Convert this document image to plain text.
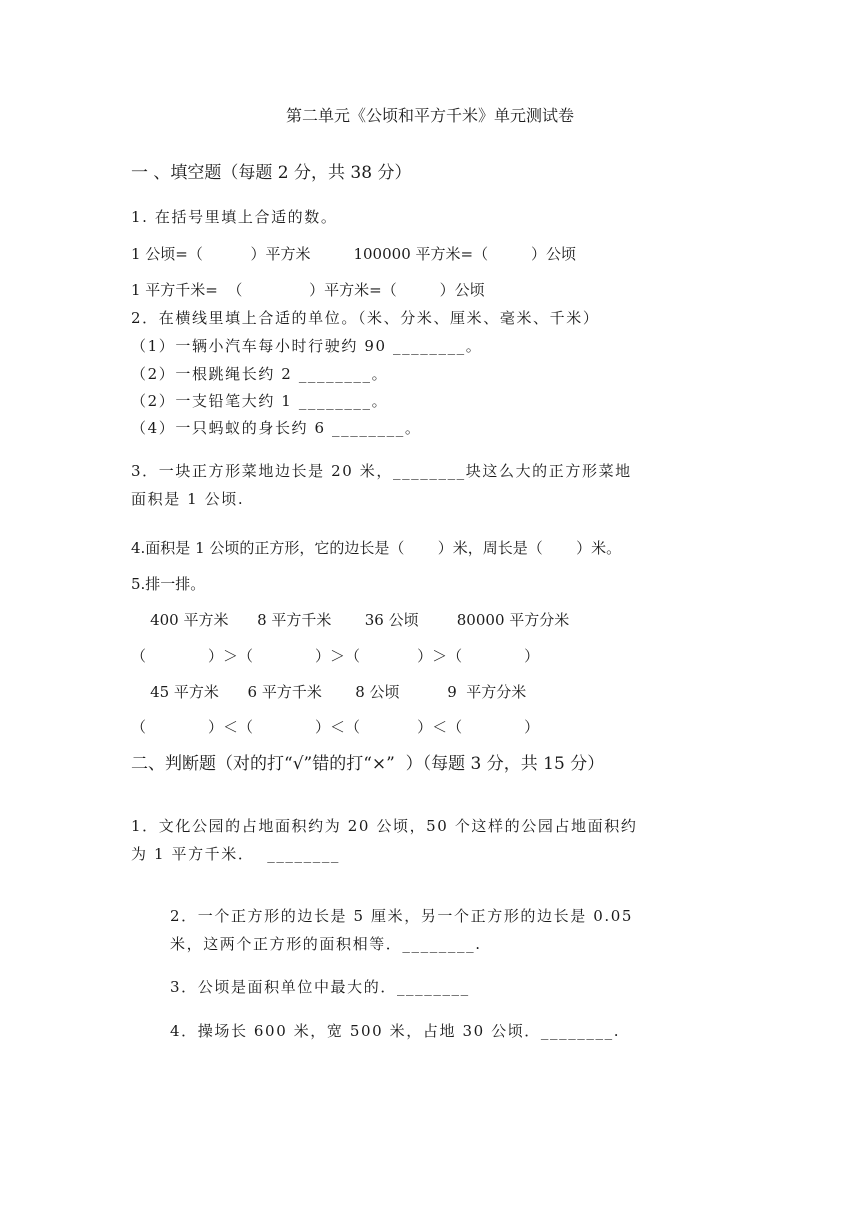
第二单元《公顷和平方千米》单元测试卷
一 、填空题（每题 2 分，共 38 分）
1. 在括号里填上合适的数。
1 公顷=（          ）平方米         100000 平方米=（         ）公顷
1 平方千米=  （              ）平方米=（         ）公顷
2．在横线里填上合适的单位。（米、分米、厘米、毫米、千米）
（1）一辆小汽车每小时行驶约 90 ________。
（2）一根跳绳长约 2 ________。
（2）一支铅笔大约 1 ________。
（4）一只蚂蚁的身长约 6 ________。
3．一块正方形菜地边长是 20 米，________块这么大的正方形菜地
面积是 1 公顷.
4.面积是 1 公顷的正方形，它的边长是（       ）米，周长是（       ）米。
5.排一排。
400 平方米      8 平方千米       36 公顷        80000 平方分米
（             ）＞（             ）＞（            ）＞（             ）
45 平方米      6 平方千米       8 公顷          9  平方分米
（             ）＜（             ）＜（            ）＜（             ）
二、判断题（对的打“√”错的打“×”  ）（每题 3 分，共 15 分）
1．文化公园的占地面积约为 20 公顷，50 个这样的公园占地面积约
为 1 平方千米．  ________
2．一个正方形的边长是 5 厘米，另一个正方形的边长是 0.05
米，这两个正方形的面积相等．________.
3．公顷是面积单位中最大的．________
4．操场长 600 米，宽 500 米，占地 30 公顷．________.
